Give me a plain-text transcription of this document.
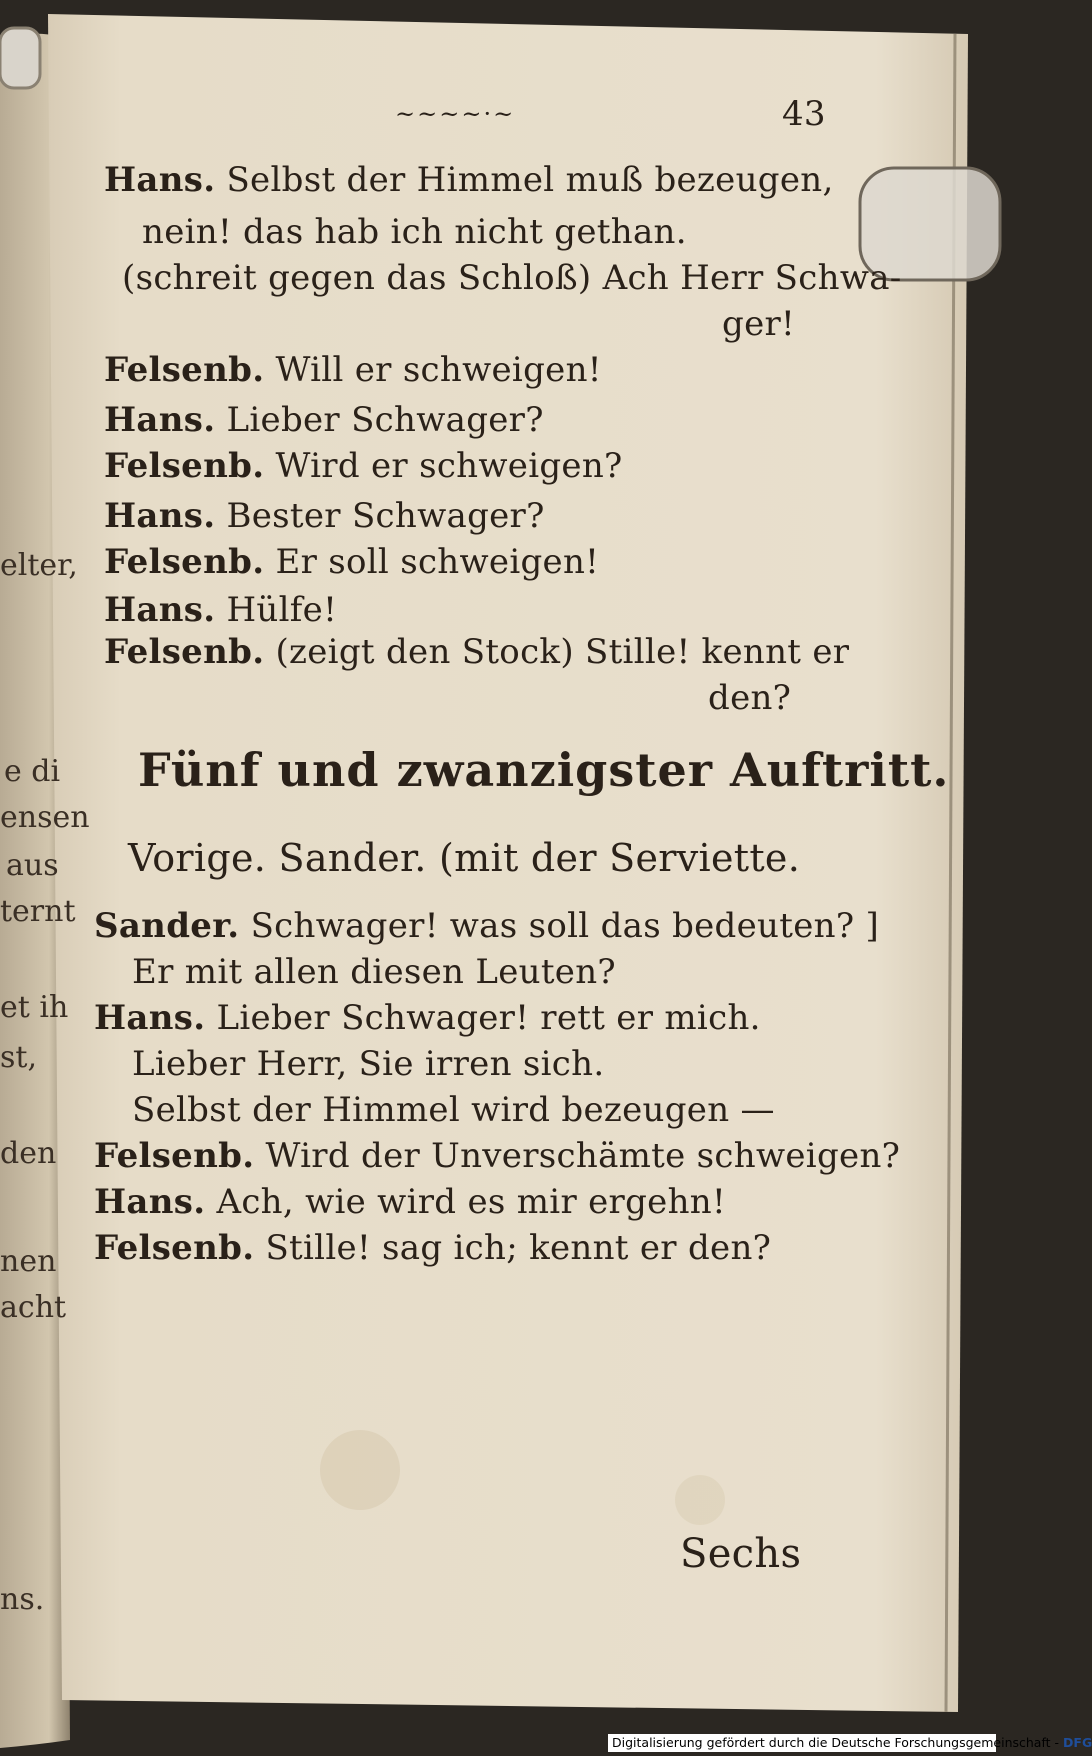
~~~~·~	43
Hans. Selbst der Himmel muß bezeugen,
nein! das hab ich nicht gethan.
(schreit gegen das Schloß) Ach Herr Schwa-
ger!
Felsenb. Will er schweigen!
Hans. Lieber Schwager?
Felsenb. Wird er schweigen?
Hans. Bester Schwager?
Felsenb. Er soll schweigen!
Hans. Hülfe!
Felsenb. (zeigt den Stock) Stille! kennt er
den?
Fünf und zwanzigster Auftritt.
Vorige. Sander. (mit der Serviette.
Sander. Schwager! was soll das bedeuten? ]
Er mit allen diesen Leuten?
Hans. Lieber Schwager! rett er mich.
Lieber Herr, Sie irren sich.
Selbst der Himmel wird bezeugen —
Felsenb. Wird der Unverschämte schweigen?
Hans. Ach, wie wird es mir ergehn!
Felsenb. Stille! sag ich; kennt er den?
Sechs
elter,
e di
ensen
aus
ternt
et ih
st,
den
nen
acht
ns.
Digitalisierung gefördert durch die Deutsche Forschungsgemeinschaft - DFG
